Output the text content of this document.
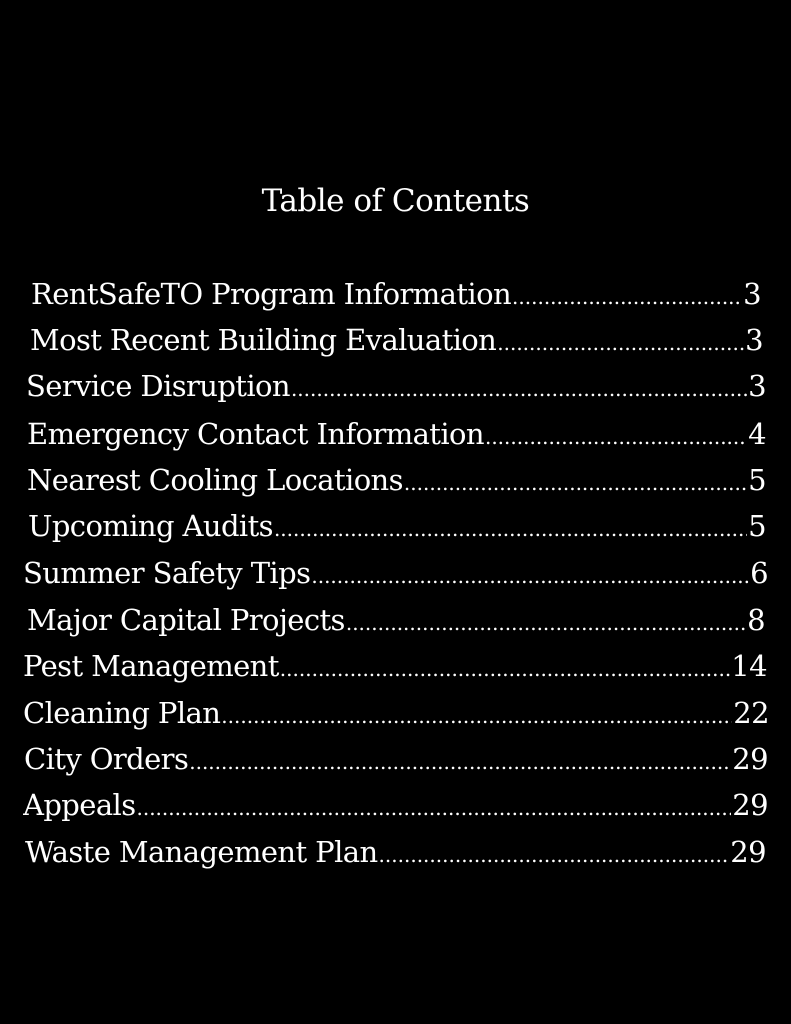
Table of Contents
RentSafeTO Program Information .....	3
Most Recent Building Evaluation .....	3
Service Disruption .....	3
Emergency Contact Information .....	4
Nearest Cooling Locations .....	5
Upcoming Audits .....	5
Summer Safety Tips .....	6
Major Capital Projects .....	8
Pest Management .....	14
Cleaning Plan .....	22
City Orders .....	29
Appeals .....	29
Waste Management Plan .....	29
